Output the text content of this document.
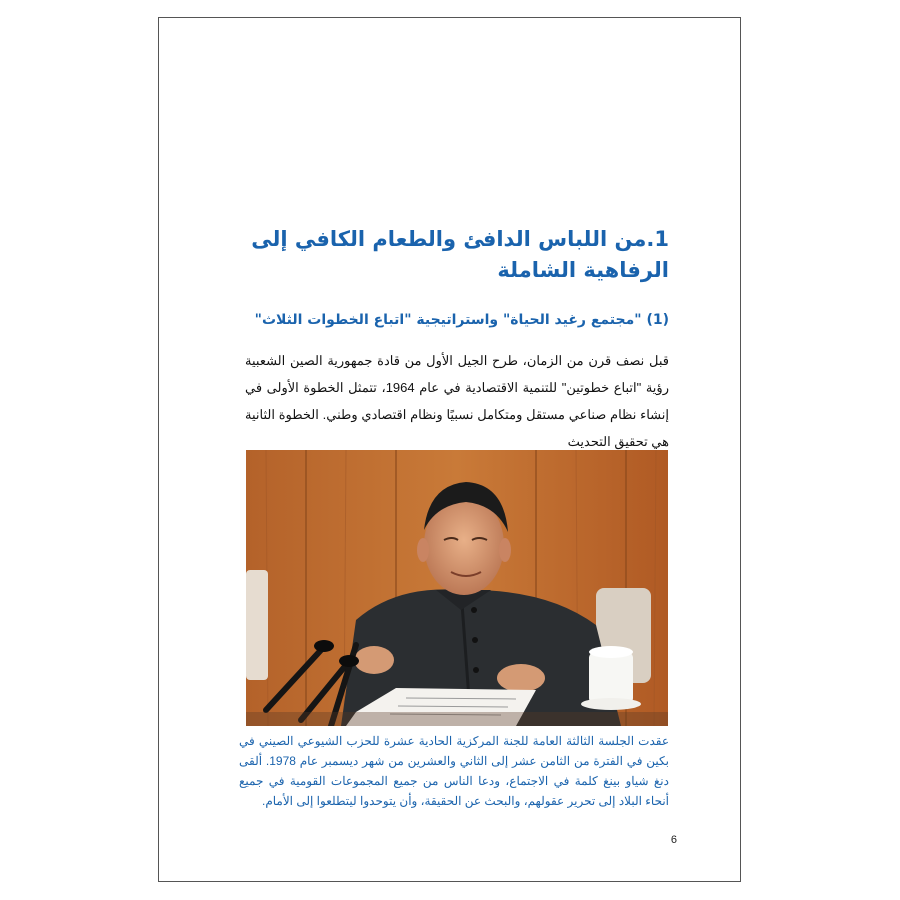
1.من اللباس الدافئ والطعام الكافي إلى الرفاهية الشاملة
(1) "مجتمع رغيد الحياة" واستراتيجية "اتباع الخطوات الثلاث"

قبل نصف قرن من الزمان، طرح الجيل الأول من قادة جمهورية الصين الشعبية رؤية "اتباع خطوتين" للتنمية الاقتصادية في عام 1964، تتمثل الخطوة الأولى في إنشاء نظام صناعي مستقل ومتكامل نسبيًا ونظام اقتصادي وطني. الخطوة الثانية هي تحقيق التحديث

عقدت الجلسة الثالثة العامة للجنة المركزية الحادية عشرة للحزب الشيوعي الصيني في بكين في الفترة من الثامن عشر إلى الثاني والعشرين من شهر ديسمبر عام 1978. ألقى دنغ شياو بينغ كلمة في الاجتماع، ودعا الناس من جميع المجموعات القومية في جميع أنحاء البلاد إلى تحرير عقولهم، والبحث عن الحقيقة، وأن يتوحدوا ليتطلعوا إلى الأمام.

6
